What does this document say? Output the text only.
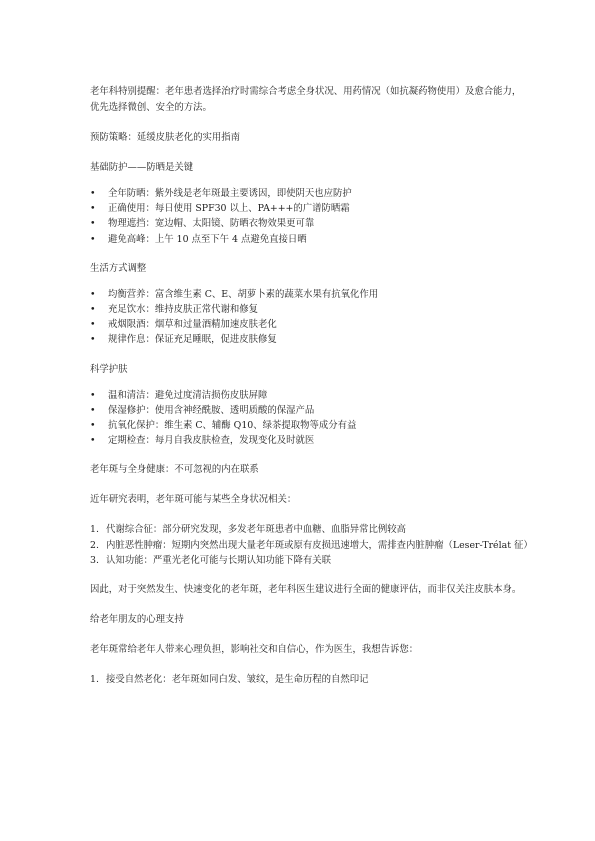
老年科特别提醒：老年患者选择治疗时需综合考虑全身状况、用药情况（如抗凝药物使用）及愈合能力，优先选择微创、安全的方法。

预防策略：延缓皮肤老化的实用指南

基础防护——防晒是关键

•	全年防晒：紫外线是老年斑最主要诱因，即使阴天也应防护
•	正确使用：每日使用 SPF30 以上、PA+++的广谱防晒霜
•	物理遮挡：宽边帽、太阳镜、防晒衣物效果更可靠
•	避免高峰：上午 10 点至下午 4 点避免直接日晒

生活方式调整

•	均衡营养：富含维生素 C、E、胡萝卜素的蔬菜水果有抗氧化作用
•	充足饮水：维持皮肤正常代谢和修复
•	戒烟限酒：烟草和过量酒精加速皮肤老化
•	规律作息：保证充足睡眠，促进皮肤修复

科学护肤

•	温和清洁：避免过度清洁损伤皮肤屏障
•	保湿修护：使用含神经酰胺、透明质酸的保湿产品
•	抗氧化保护：维生素 C、辅酶 Q10、绿茶提取物等成分有益
•	定期检查：每月自我皮肤检查，发现变化及时就医

老年斑与全身健康：不可忽视的内在联系

近年研究表明，老年斑可能与某些全身状况相关：

1. 代谢综合征：部分研究发现，多发老年斑患者中血糖、血脂异常比例较高
2. 内脏恶性肿瘤：短期内突然出现大量老年斑或原有皮损迅速增大，需排查内脏肿瘤（Leser-Trélat 征）
3. 认知功能：严重光老化可能与长期认知功能下降有关联

因此，对于突然发生、快速变化的老年斑，老年科医生建议进行全面的健康评估，而非仅关注皮肤本身。

给老年朋友的心理支持

老年斑常给老年人带来心理负担，影响社交和自信心，作为医生，我想告诉您：

1. 接受自然老化：老年斑如同白发、皱纹，是生命历程的自然印记
